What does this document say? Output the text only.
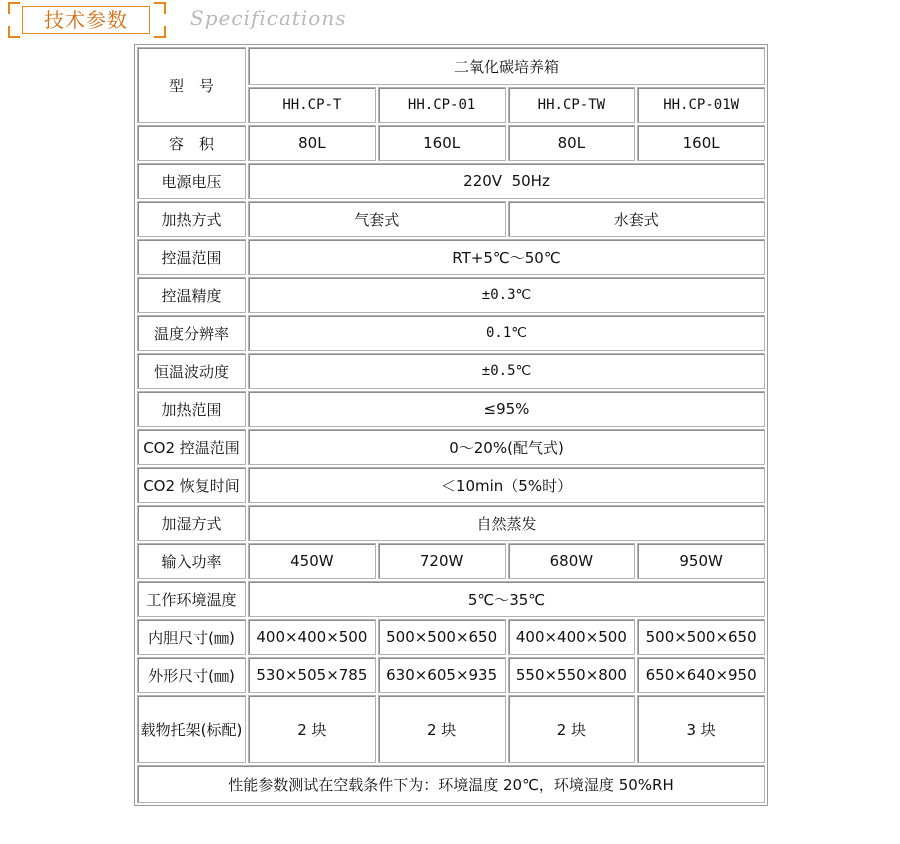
技术参数	Specifications
型　号	二氧化碳培养箱			
	HH.CP-T	HH.CP-01	HH.CP-TW	HH.CP-01W
容　积	80L	160L	80L	160L
电源电压	220V  50Hz			
加热方式	气套式		水套式	
控温范围	RT+5℃～50℃			
控温精度	±0.3℃			
温度分辨率	0.1℃			
恒温波动度	±0.5℃			
加热范围	≤95%			
CO2 控温范围	0～20%(配气式)			
CO2 恢复时间	＜10min（5%时）			
加湿方式	自然蒸发			
输入功率	450W	720W	680W	950W
工作环境温度	5℃～35℃			
内胆尺寸(㎜)	400×400×500	500×500×650	400×400×500	500×500×650
外形尺寸(㎜)	530×505×785	630×605×935	550×550×800	650×640×950
载物托架(标配)	2 块	2 块	2 块	3 块
性能参数测试在空载条件下为：环境温度 20℃，环境湿度 50%RH				
